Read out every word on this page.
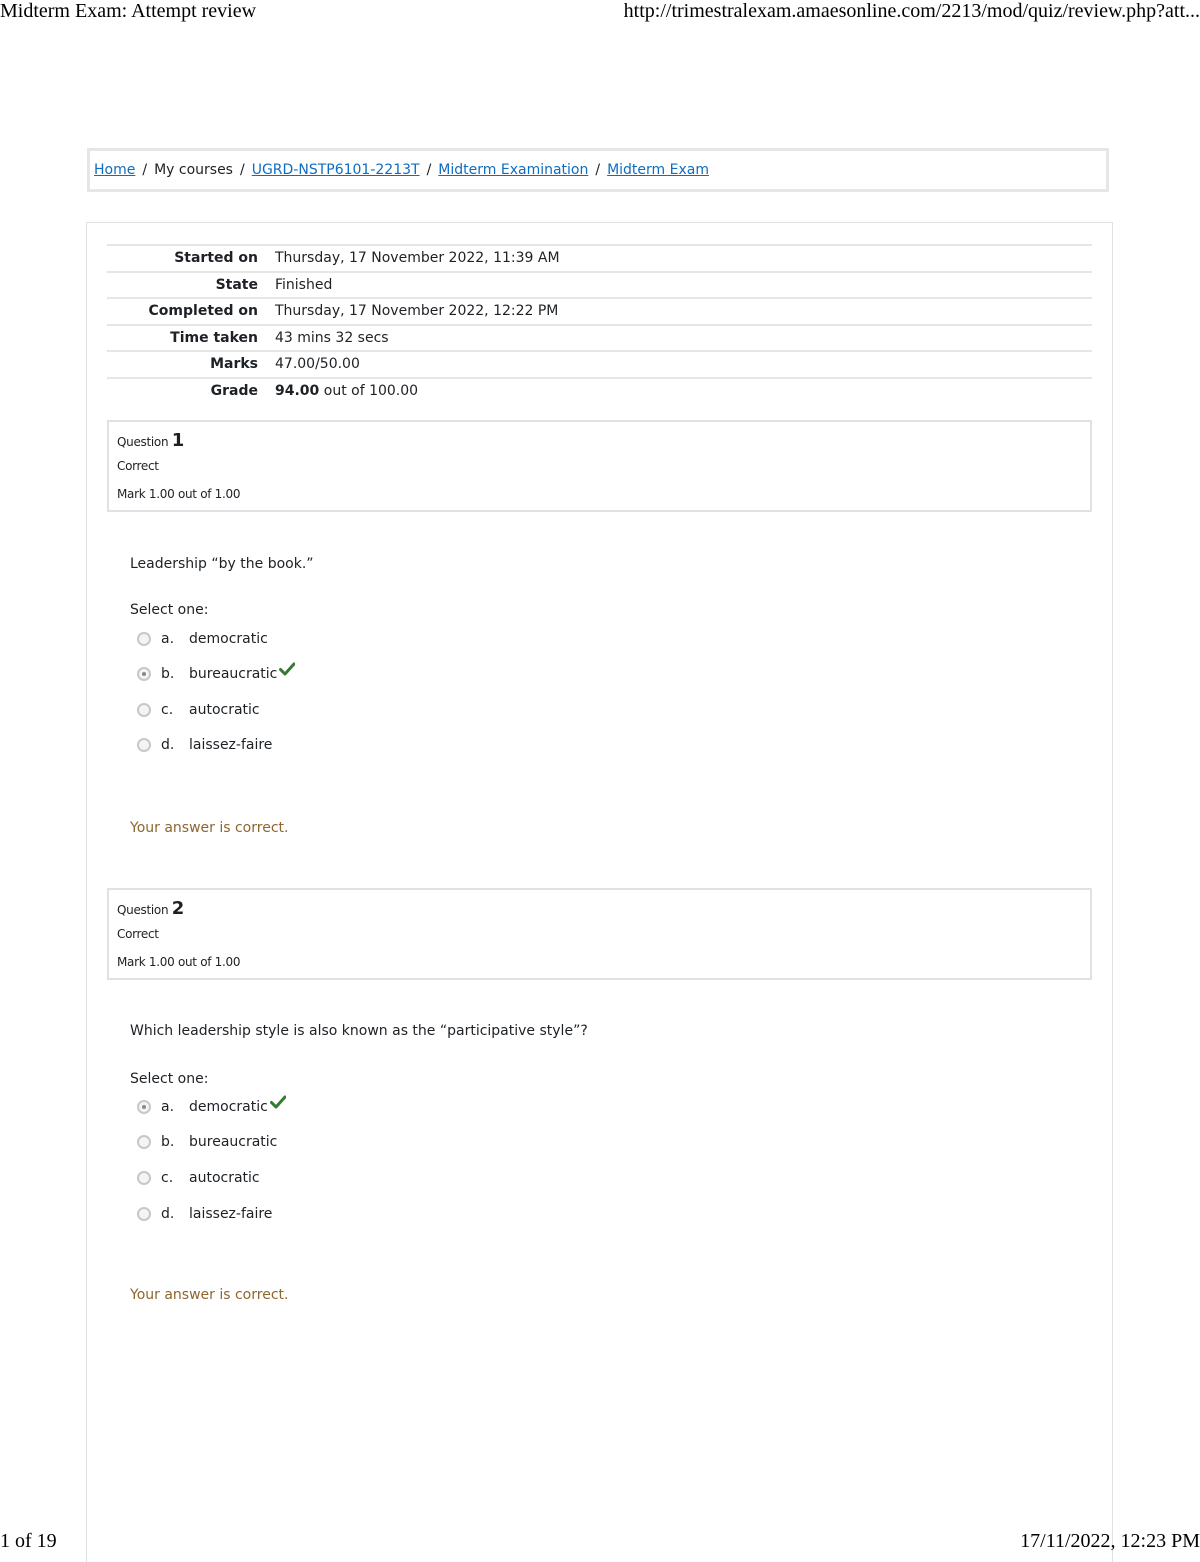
Midterm Exam: Attempt review	http://trimestralexam.amaesonline.com/2213/mod/quiz/review.php?att...
Home / My courses / UGRD-NSTP6101-2213T / Midterm Examination / Midterm Exam
Started on	Thursday, 17 November 2022, 11:39 AM
State	Finished
Completed on	Thursday, 17 November 2022, 12:22 PM
Time taken	43 mins 32 secs
Marks	47.00/50.00
Grade	94.00 out of 100.00
Question 1
Correct
Mark 1.00 out of 1.00
Leadership “by the book.”
Select one:
a.	democratic
b.	bureaucratic
c.	autocratic
d.	laissez-faire
Your answer is correct.
Question 2
Correct
Mark 1.00 out of 1.00
Which leadership style is also known as the “participative style”?
Select one:
a.	democratic
b.	bureaucratic
c.	autocratic
d.	laissez-faire
Your answer is correct.
1 of 19	17/11/2022, 12:23 PM
